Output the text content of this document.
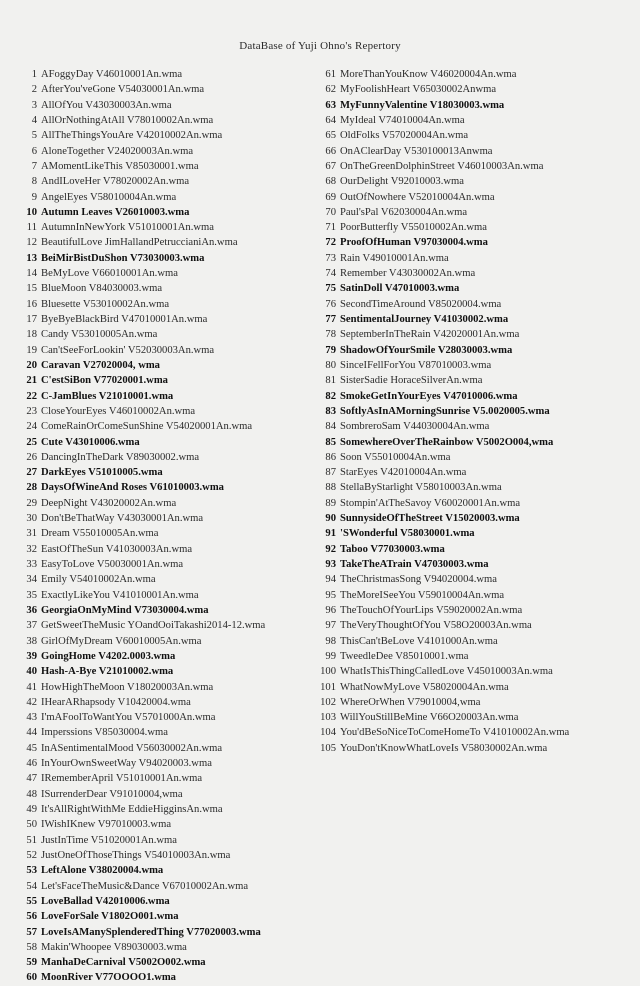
DataBase of Yuji Ohno's Repertory
1 AFoggyDay V46010001An.wma
2 AfterYou'veGone V54030001An.wma
3 AllOfYou V43030003An.wma
4 AllOrNothingAtAll V78010002An.wma
5 AllTheThingsYouAre V42010002An.wma
6 AloneTogether V24020003An.wma
7 AMomentLikeThis V85030001.wma
8 AndILoveHer V78020002An.wma
9 AngelEyes V58010004An.wma
10 Autumn Leaves V26010003.wma
11 AutumnInNewYork V51010001An.wma
12 BeautifulLove JimHallandPetruccianiAn.wma
13 BeiMirBistDuShon V73030003.wma
14 BeMyLove V66010001An.wma
15 BlueMoon V84030003.wma
16 Bluesette V53010002An.wma
17 ByeByeBlackBird V47010001An.wma
18 Candy V53010005An.wma
19 Can'tSeeForLookin' V52030003An.wma
20 Caravan V27020004, wma
21 C'estSiBon V77020001.wma
22 C-JamBlues V21010001.wma
23 CloseYourEyes V46010002An.wma
24 ComeRainOrComeSunShine V54020001An.wma
25 Cute V43010006.wma
26 DancingInTheDark V89030002.wma
27 DarkEyes V51010005.wma
28 DaysOfWineAnd Roses V61010003.wma
29 DeepNight V43020002An.wma
30 Don'tBeThatWay V43030001An.wma
31 Dream V55010005An.wma
32 EastOfTheSun V41030003An.wma
33 EasyToLove V50030001An.wma
34 Emily V54010002An.wma
35 ExactlyLikeYou V41010001An.wma
36 GeorgiaOnMyMind V73030004.wma
37 GetSweetTheMusic YOandOoiTakashi2014-12.wma
38 GirlOfMyDream V60010005An.wma
39 GoingHome V4202.0003.wma
40 Hash-A-Bye V21010002.wma
41 HowHighTheMoon V18020003An.wma
42 IHearARhapsody V10420004.wma
43 I'mAFoolToWantYou V5701000An.wma
44 Imperssions V85030004.wma
45 InASentimentalMood V56030002An.wma
46 InYourOwnSweetWay V94020003.wma
47 IRememberApril V51010001An.wma
48 ISurrenderDear V91010004,wma
49 It'sAllRightWithMe EddieHigginsAn.wma
50 IWishIKnew V97010003.wma
51 JustInTime V51020001An.wma
52 JustOneOfThoseThings V54010003An.wma
53 LeftAlone V38020004.wma
54 Let'sFaceTheMusic&Dance V67010002An.wma
55 LoveBallad V42010006.wma
56 LoveForSale V1802O001.wma
57 LoveIsAManySplenderedThing V77020003.wma
58 Makin'Whoopee V89030003.wma
59 ManhaDeCarnival V5002O002.wma
60 MoonRiver V77OOOO1.wma
61 MoreThanYouKnow V46020004An.wma
62 MyFoolishHeart V65030002Anwma
63 MyFunnyValentine V18030003.wma
64 MyIdeal V74010004An.wma
65 OldFolks V57020004An.wma
66 OnAClearDay V530100013Anwma
67 OnTheGreenDolphinStreet V46010003An.wma
68 OurDelight V92010003.wma
69 OutOfNowhere V52010004An.wma
70 Paul'sPal V62030004An.wma
71 PoorButterfly V55010002An.wma
72 ProofOfHuman V97030004.wma
73 Rain V49010001An.wma
74 Remember V43030002An.wma
75 SatinDoll V47010003.wma
76 SecondTimeAround V85020004.wma
77 SentimentalJourney V41030002.wma
78 SeptemberInTheRain V42020001An.wma
79 ShadowOfYourSmile V28030003.wma
80 SinceIFellForYou V87010003.wma
81 SisterSadie HoraceSilverAn.wma
82 SmokeGetInYourEyes V47010006.wma
83 SoftlyAsInAMorningSunrise V5.0020005.wma
84 SombreroSam V44030004An.wma
85 SomewhereOverTheRainbow V5002O004,wma
86 Soon V55010004An.wma
87 StarEyes V42010004An.wma
88 StellaByStarlight V58010003An.wma
89 Stompin'AtTheSavoy V60020001An.wma
90 SunnysideOfTheStreet V15020003.wma
91 'SWonderful V58030001.wma
92 Taboo V77030003.wma
93 TakeTheATrain V47030003.wma
94 TheChristmasSong V94020004.wma
95 TheMoreISeeYou V59010004An.wma
96 TheTouchOfYourLips V59020002An.wma
97 TheVeryThoughtOfYou V58O20003An.wma
98 ThisCan'tBeLove V4101000An.wma
99 TweedleDee V85010001.wma
100 WhatIsThisThingCalledLove V45010003An.wma
101 WhatNowMyLove V58020004An.wma
102 WhereOrWhen V79010004,wma
103 WillYouStillBeMine V66O20003An.wma
104 You'dBeSoNiceToComeHomeTo V41010002An.wma
105 YouDon'tKnowWhatLoveIs V58030002An.wma
